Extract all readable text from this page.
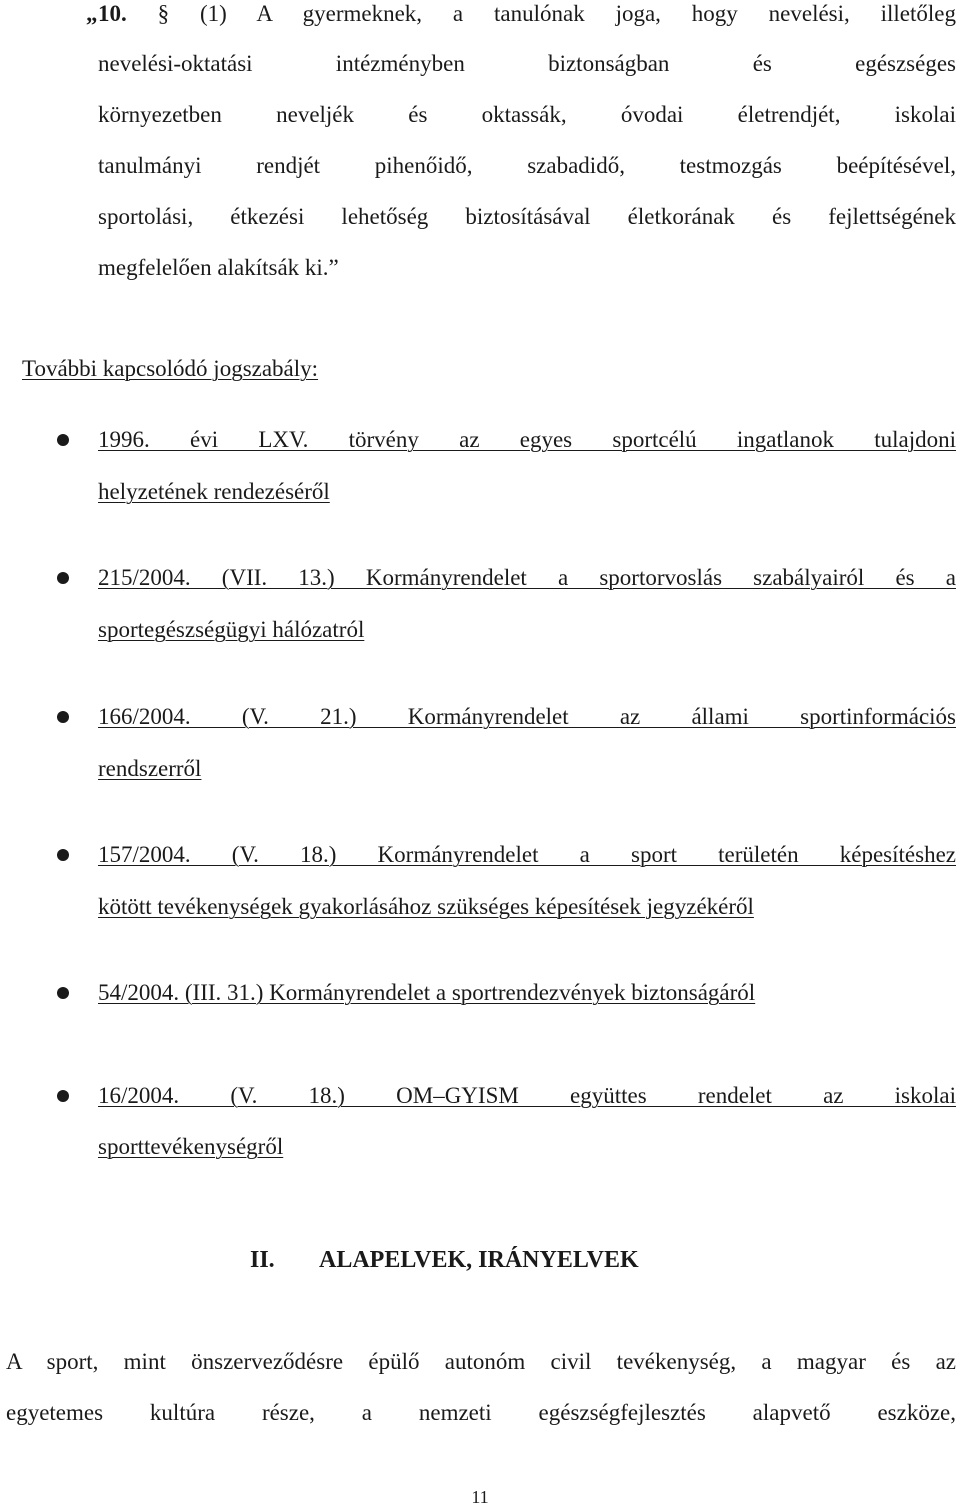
„ 10. § (1) A gyermeknek, a tanulónak joga, hogy nevelési, illetőleg
nevelési-oktatási intézményben biztonságban és egészséges
környezetben neveljék és oktassák, óvodai életrendjét, iskolai
tanulmányi rendjét pihenőidő, szabadidő, testmozgás beépítésével,
sportolási, étkezési lehetőség biztosításával életkorának és fejlettségének
megfelelően alakítsák ki.”
További kapcsolódó jogszabály:
1996. évi LXV. törvény az egyes sportcélú ingatlanok tulajdoni
helyzetének rendezéséről
215/2004. (VII. 13.) Kormányrendelet a sportorvoslás szabályairól és a
sportegészségügyi hálózatról
166/2004. (V. 21.) Kormányrendelet az állami sportinformációs
rendszerről
157/2004. (V. 18.) Kormányrendelet a sport területén képesítéshez
kötött tevékenységek gyakorlásához szükséges képesítések jegyzékéről
54/2004. (III. 31.) Kormányrendelet a sportrendezvények biztonságáról
16/2004. (V. 18.) OM–GYISM együttes rendelet az iskolai
sporttevékenységről
II. ALAPELVEK, IRÁNYELVEK
A sport, mint önszerveződésre épülő autonóm civil tevékenység, a magyar és az
egyetemes kultúra része, a nemzeti egészségfejlesztés alapvető eszköze,
11
